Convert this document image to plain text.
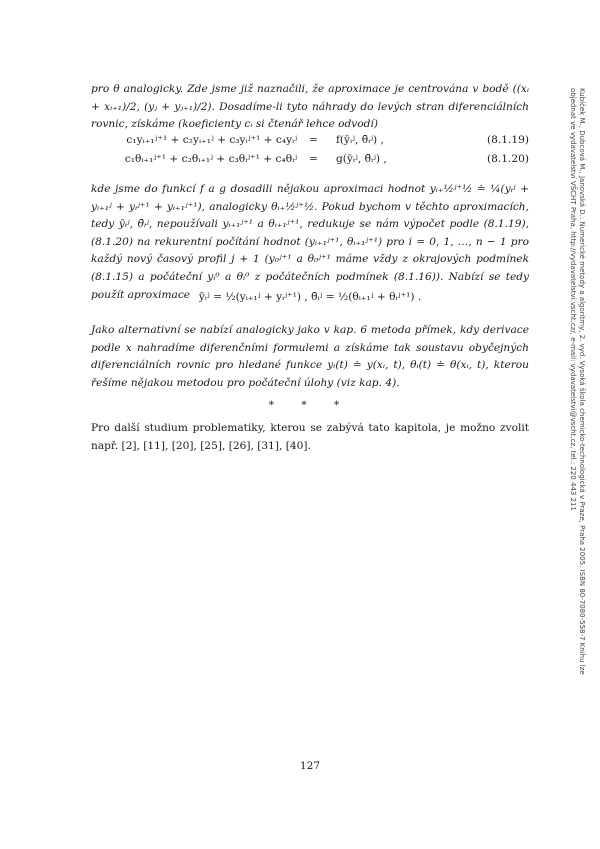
pro θ analogicky. Zde jsme již naznačili, že aproximace je centrována v bodě ((xᵢ + xᵢ₊₁)/2, (yⱼ + yⱼ₊₁)/2). Dosadíme-li tyto náhrady do levých stran diferenciálních rovnic, získáme (koeficienty cᵢ si čtenář lehce odvodí)
c₁yᵢ₊₁ʲ⁺¹ + c₂yᵢ₊₁ʲ + c₃yᵢʲ⁺¹ + c₄yᵢʲ = f(ȳᵢʲ, θ̄ᵢʲ) ,	(8.1.19)
c₁θᵢ₊₁ʲ⁺¹ + c₂θᵢ₊₁ʲ + c₃θᵢʲ⁺¹ + c₄θᵢʲ = g(ȳᵢʲ, θ̄ᵢʲ) ,	(8.1.20)
kde jsme do funkcí f a g dosadili nějakou aproximaci hodnot yᵢ₊½ʲ⁺½ ≐ ¼(yᵢʲ + yᵢ₊₁ʲ + yᵢʲ⁺¹ + yᵢ₊₁ʲ⁺¹), analogicky θᵢ₊½ʲ⁺½. Pokud bychom v těchto aproximacích, tedy ȳᵢʲ, θ̄ᵢʲ, nepoužívali yᵢ₊₁ʲ⁺¹ a θᵢ₊₁ʲ⁺¹, redukuje se nám výpočet podle (8.1.19), (8.1.20) na rekurentní počítání hodnot (yᵢ₊₁ʲ⁺¹, θᵢ₊₁ʲ⁺¹) pro i = 0, 1, …, n − 1 pro každý nový časový profil j + 1 (y₀ʲ⁺¹ a θ₀ʲ⁺¹ máme vždy z okrajových podmínek (8.1.15) a počáteční yᵢ⁰ a θᵢ⁰ z počátečních podmínek (8.1.16)). Nabízí se tedy použít aproximace ȳᵢʲ = ½(yᵢ₊₁ʲ + yᵢʲ⁺¹) , θ̄ᵢʲ = ½(θᵢ₊₁ʲ + θᵢʲ⁺¹) .
Jako alternativní se nabízí analogicky jako v kap. 6 metoda přímek, kdy derivace podle x nahradíme diferenčními formulemi a získáme tak soustavu obyčejných diferenciálních rovnic pro hledané funkce yᵢ(t) ≐ y(xᵢ, t), θᵢ(t) ≐ θ(xᵢ, t), kterou řešíme nějakou metodou pro počáteční úlohy (viz kap. 4).
* * *
Pro další studium problematiky, kterou se zabývá tato kapitola, je možno zvolit např. [2], [11], [20], [25], [26], [31], [40].
127
Kubíček M., Dubcová M., Janovská D.: Numerické metody a algoritmy, 2. vyd. Vysoká škola chemicko-technologická v Praze, Praha 2005. ISBN 80-7080-558-7 Knihu lze objednat ve vydavatelství VŠCHT Praha, http://vydavatelstvi.vscht.cz/, e-mail: vydavatelstvi@vscht.cz, tel.: 220 443 211
